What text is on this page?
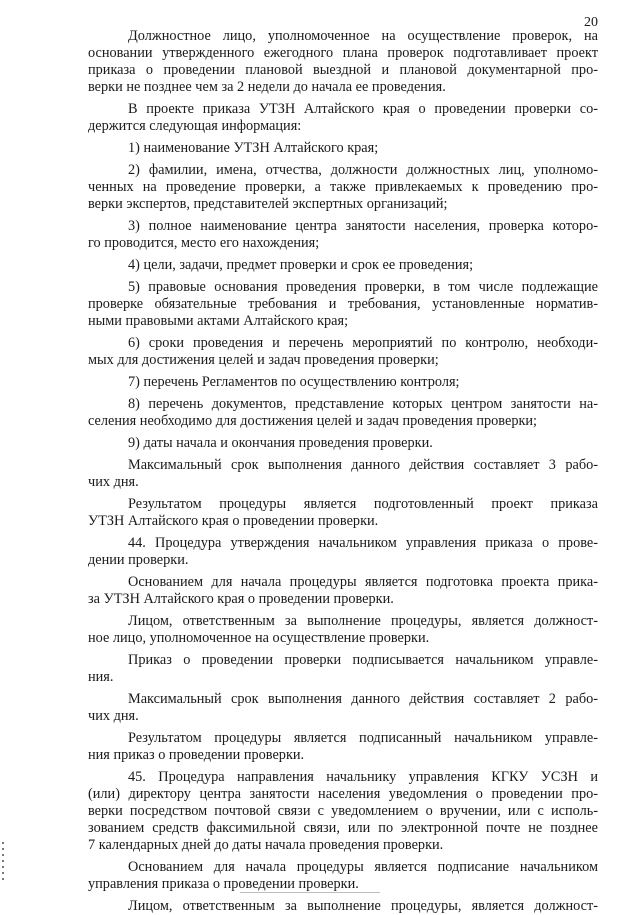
20
Должностное лицо, уполномоченное на осуществление проверок, на
основании утвержденного ежегодного плана проверок подготавливает проект
приказа о проведении плановой выездной и плановой документарной про-
верки не позднее чем за 2 недели до начала ее проведения.
В проекте приказа УТЗН Алтайского края о проведении проверки со-
держится следующая информация:
1) наименование УТЗН Алтайского края;
2) фамилии, имена, отчества, должности должностных лиц, уполномо-
ченных на проведение проверки, а также привлекаемых к проведению про-
верки экспертов, представителей экспертных организаций;
3) полное наименование центра занятости населения, проверка которо-
го проводится, место его нахождения;
4) цели, задачи, предмет проверки и срок ее проведения;
5) правовые основания проведения проверки, в том числе подлежащие
проверке обязательные требования и требования, установленные норматив-
ными правовыми актами Алтайского края;
6) сроки проведения и перечень мероприятий по контролю, необходи-
мых для достижения целей и задач проведения проверки;
7) перечень Регламентов по осуществлению контроля;
8) перечень документов, представление которых центром занятости на-
селения необходимо для достижения целей и задач проведения проверки;
9) даты начала и окончания проведения проверки.
Максимальный срок выполнения данного действия составляет 3 рабо-
чих дня.
Результатом процедуры является подготовленный проект приказа
УТЗН Алтайского края о проведении проверки.
44. Процедура утверждения начальником управления приказа о прове-
дении проверки.
Основанием для начала процедуры является подготовка проекта прика-
за УТЗН Алтайского края о проведении проверки.
Лицом, ответственным за выполнение процедуры, является должност-
ное лицо, уполномоченное на осуществление проверки.
Приказ о проведении проверки подписывается начальником управле-
ния.
Максимальный срок выполнения данного действия составляет 2 рабо-
чих дня.
Результатом процедуры является подписанный начальником управле-
ния приказ о проведении проверки.
45. Процедура направления начальнику управления КГКУ УСЗН и
(или) директору центра занятости населения уведомления о проведении про-
верки посредством почтовой связи с уведомлением о вручении, или с исполь-
зованием средств факсимильной связи, или по электронной почте не позднее
7 календарных дней до даты начала проведения проверки.
Основанием для начала процедуры является подписание начальником
управления приказа о проведении проверки.
Лицом, ответственным за выполнение процедуры, является должност-
